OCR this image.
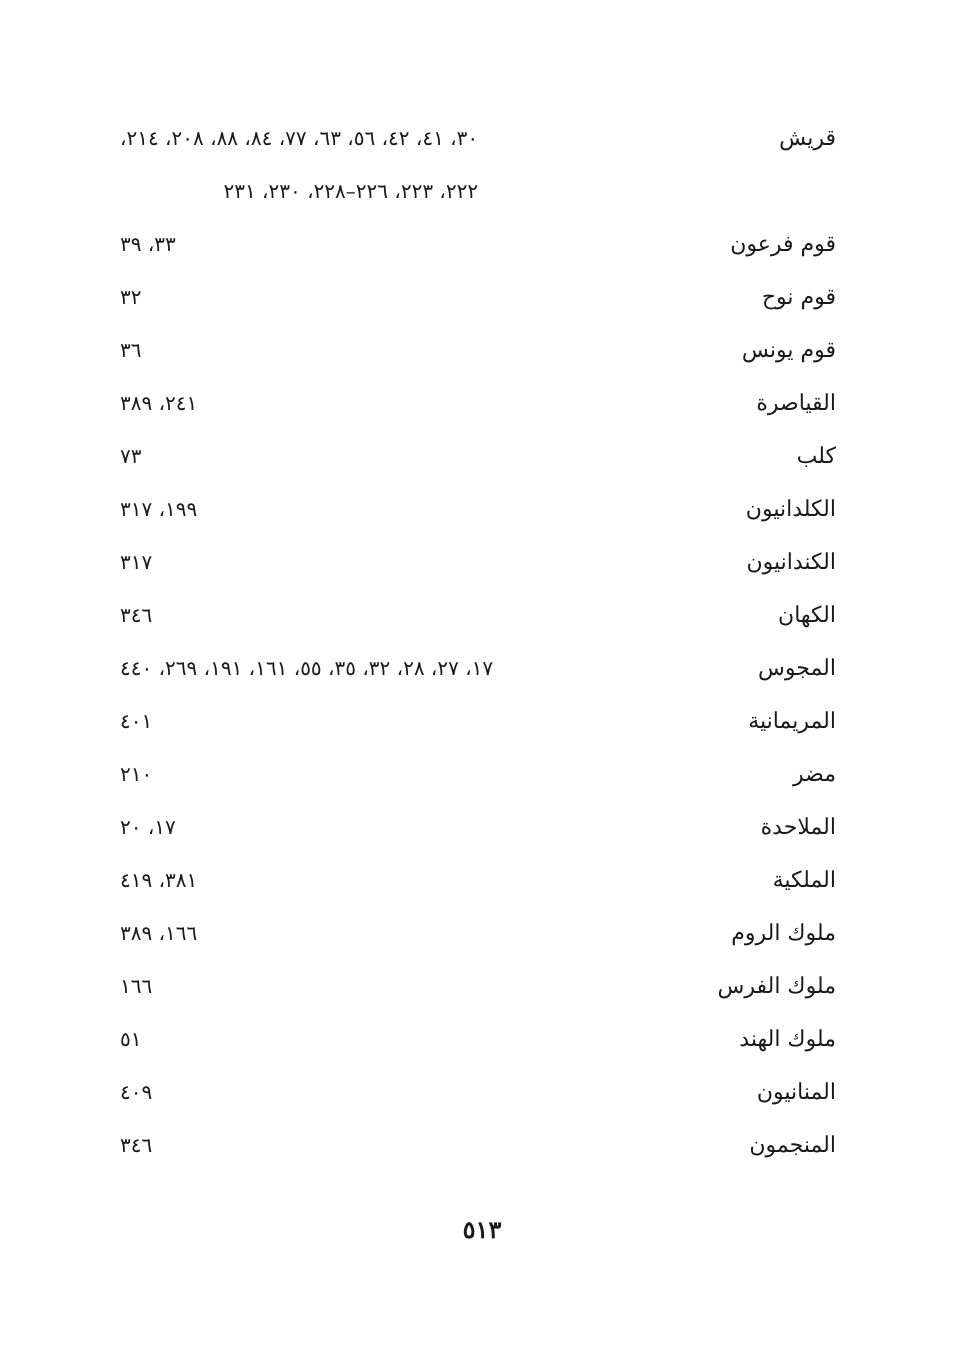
قريش
٣٠، ٤١، ٤٢، ٥٦، ٦٣، ٧٧، ٨٤، ٨٨، ٢٠٨، ٢١٤،
٢٢٢، ٢٢٣، ٢٢٦–٢٢٨، ٢٣٠، ٢٣١
قوم فرعون
٣٣، ٣٩
قوم نوح
٣٢
قوم يونس
٣٦
القياصرة
٢٤١، ٣٨٩
كلب
٧٣
الكلدانيون
١٩٩، ٣١٧
الكندانيون
٣١٧
الكهان
٣٤٦
المجوس
١٧، ٢٧، ٢٨، ٣٢، ٣٥، ٥٥، ١٦١، ١٩١، ٢٦٩، ٤٤٠
المريمانية
٤٠١
مضر
٢١٠
الملاحدة
١٧، ٢٠
الملكية
٣٨١، ٤١٩
ملوك الروم
١٦٦، ٣٨٩
ملوك الفرس
١٦٦
ملوك الهند
٥١
المنانيون
٤٠٩
المنجمون
٣٤٦
٥١٣
